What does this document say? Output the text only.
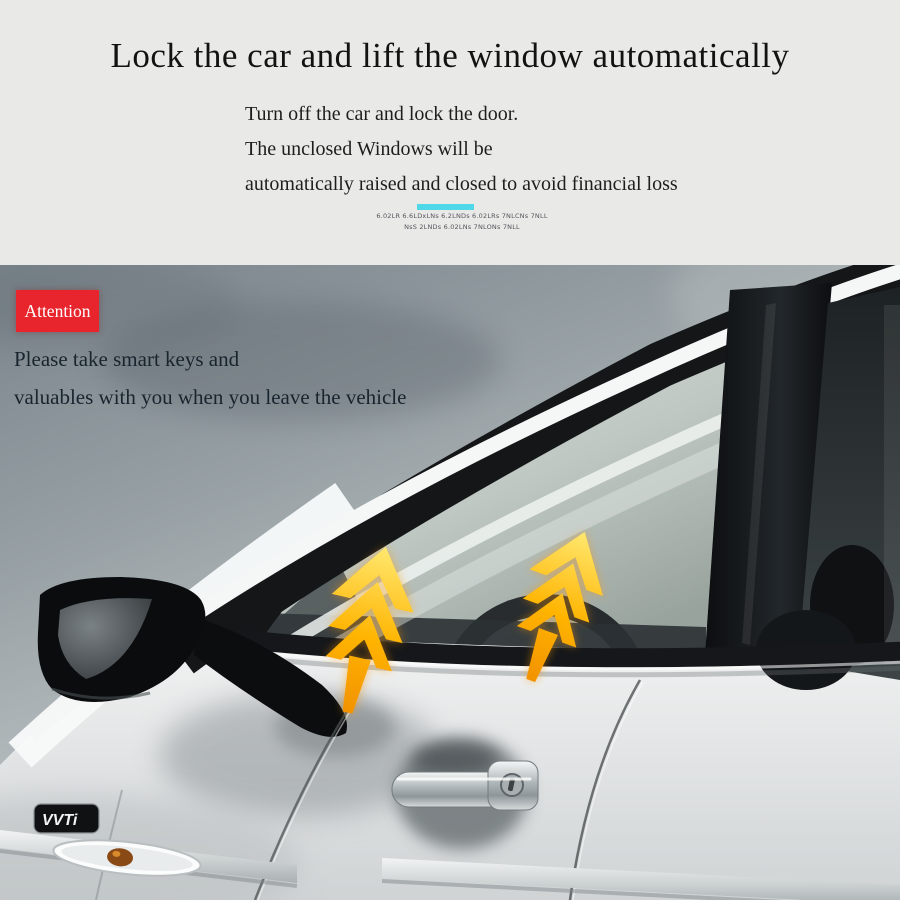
Lock the car and lift the window automatically
Turn off the car and lock the door.
The unclosed Windows will be
automatically raised and closed to avoid financial loss
6.02LR 6.6LDxLNs 6.2LNDs 6.02LRs 7NLCNs 7NLL
NsS 2LNDs 6.02LNs 7NLONs 7NLL
VVTi
Attention
Please take smart keys and
valuables with you when you leave the vehicle
